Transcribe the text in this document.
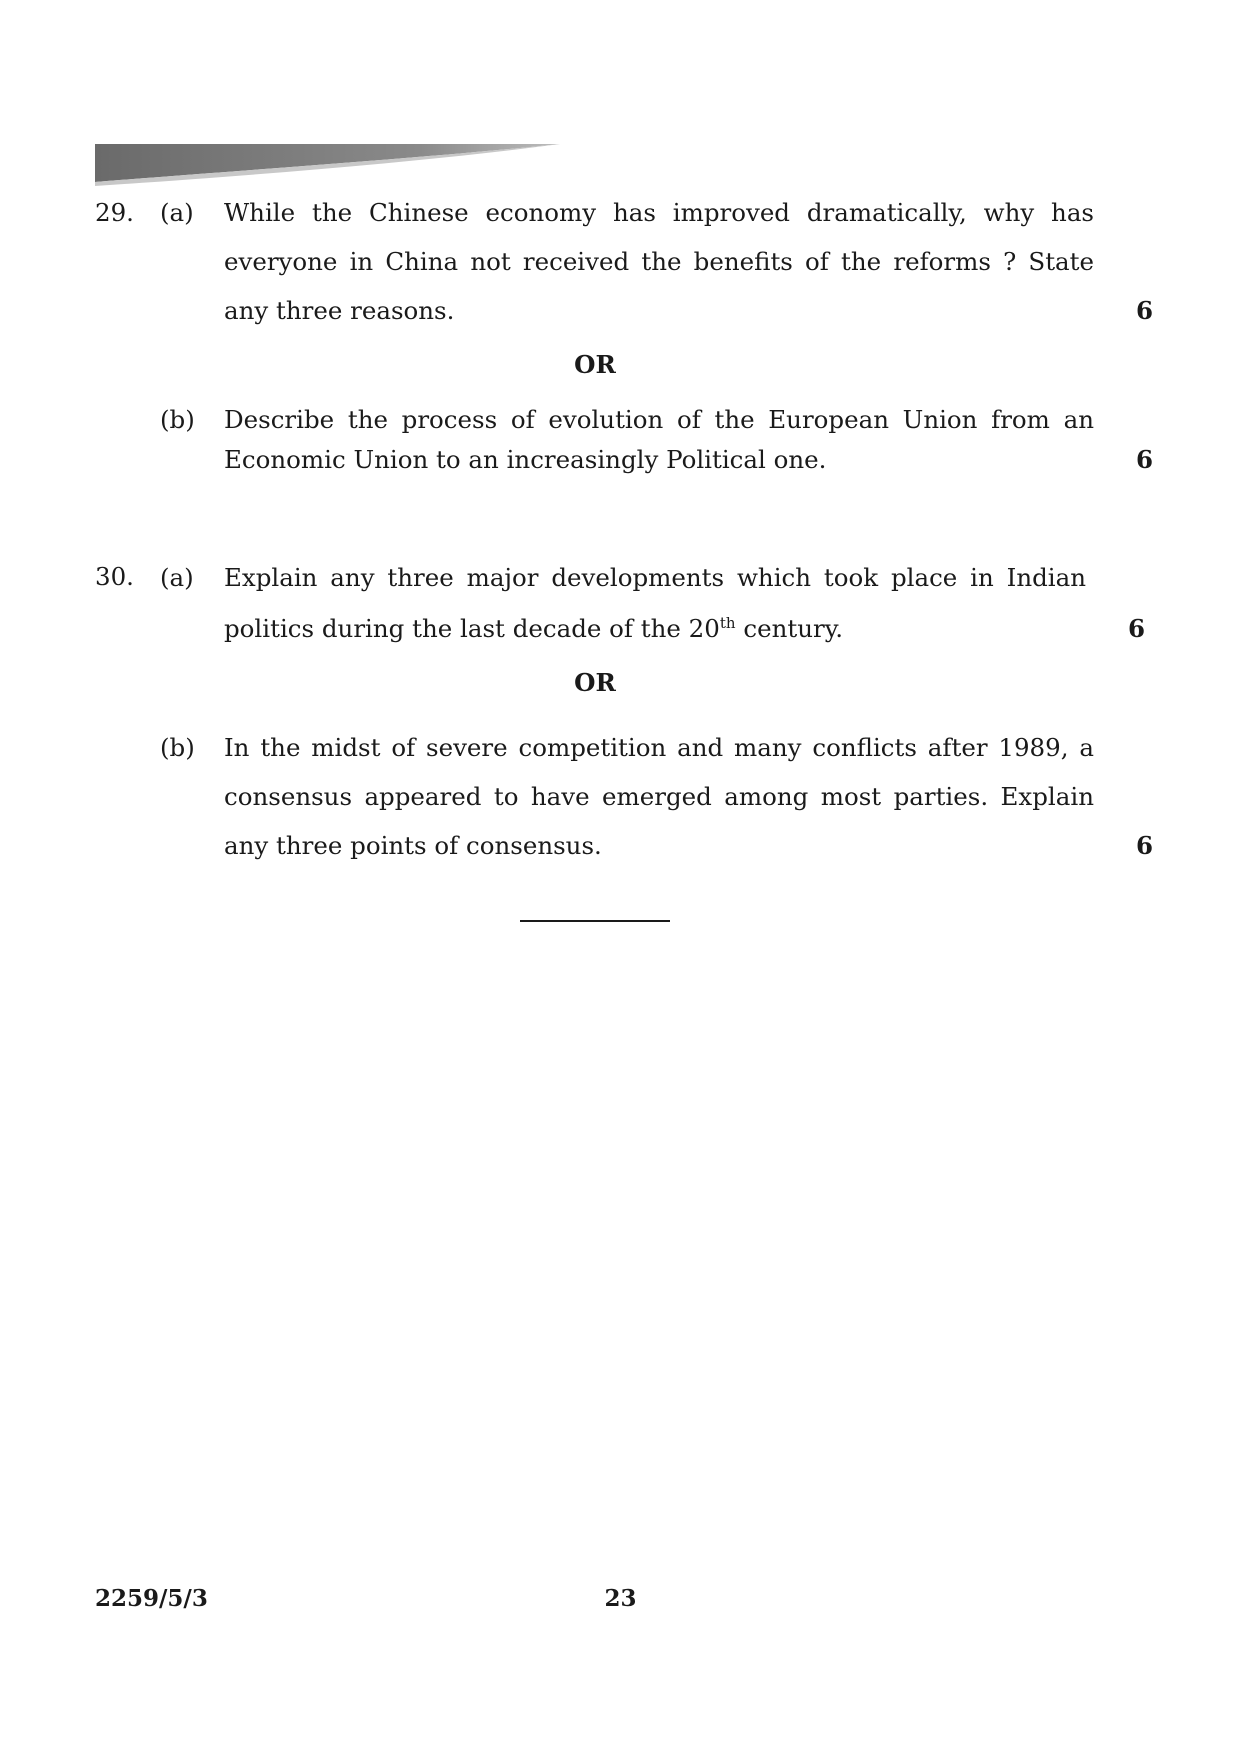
29. (a) While the Chinese economy has improved dramatically, why has
everyone in China not received the benefits of the reforms ? State
any three reasons.	6
OR
(b) Describe the process of evolution of the European Union from an
Economic Union to an increasingly Political one.	6
30. (a) Explain any three major developments which took place in Indian
politics during the last decade of the 20th century.	6
OR
(b) In the midst of severe competition and many conflicts after 1989, a
consensus appeared to have emerged among most parties. Explain
any three points of consensus.	6
2259/5/3	23
